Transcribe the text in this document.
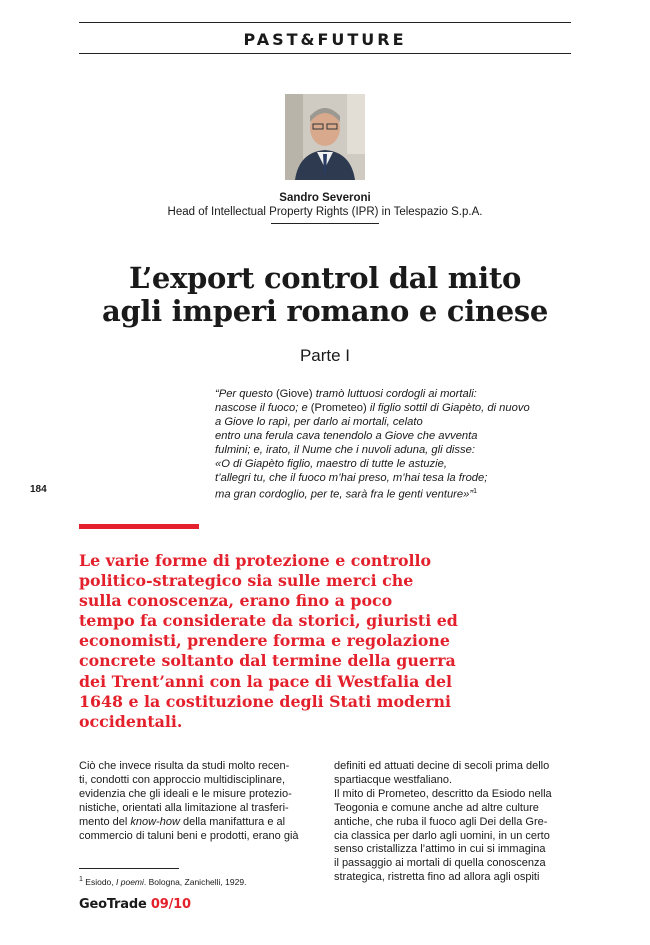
PAST&FUTURE
Sandro Severoni
Head of Intellectual Property Rights (IPR) in Telespazio S.p.A.
L’export control dal mito
agli imperi romano e cinese
Parte I
“Per questo (Giove) tramò luttuosi cordogli ai mortali:
nascose il fuoco; e (Prometeo) il figlio sottil di Giapèto, di nuovo
a Giove lo rapì, per darlo ai mortali, celato
entro una ferula cava tenendolo a Giove che avventa
fulmini; e, irato, il Nume che i nuvoli aduna, gli disse:
«O di Giapèto figlio, maestro di tutte le astuzie,
t’allegri tu, che il fuoco m’hai preso, m’hai tesa la frode;
ma gran cordoglio, per te, sarà fra le genti venture»”$^1$
184
Le varie forme di protezione e controllo
politico-strategico sia sulle merci che
sulla conoscenza, erano fino a poco
tempo fa considerate da storici, giuristi ed
economisti, prendere forma e regolazione
concrete soltanto dal termine della guerra
dei Trent’anni con la pace di Westfalia del
1648 e la costituzione degli Stati moderni
occidentali.
Ciò che invece risulta da studi molto recen-
ti, condotti con approccio multidisciplinare,
evidenzia che gli ideali e le misure protezio-
nistiche, orientati alla limitazione al trasferi-
mento del know-how della manifattura e al
commercio di taluni beni e prodotti, erano già
definiti ed attuati decine di secoli prima dello
spartiacque westfaliano.
Il mito di Prometeo, descritto da Esiodo nella
Teogonia e comune anche ad altre culture
antiche, che ruba il fuoco agli Dei della Gre-
cia classica per darlo agli uomini, in un certo
senso cristallizza l’attimo in cui si immagina
il passaggio ai mortali di quella conoscenza
strategica, ristretta fino ad allora agli ospiti
$^1$ Esiodo, I poemi. Bologna, Zanichelli, 1929.
GeoTrade 09/10
